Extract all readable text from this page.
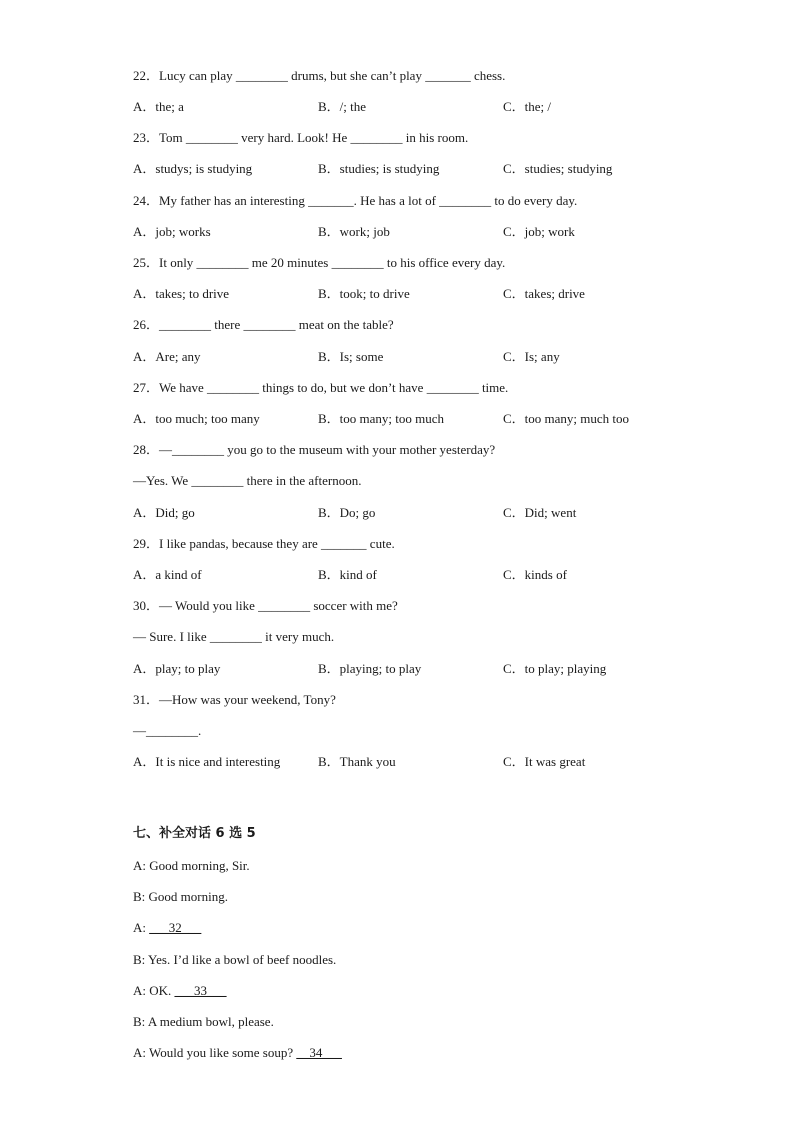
22．Lucy can play ________ drums, but she can’t play _______ chess.
A．the; a	B．/; the	C．the; /
23．Tom ________ very hard. Look! He ________ in his room.
A．studys; is studying	B．studies; is studying	C．studies; studying
24．My father has an interesting _______. He has a lot of ________ to do every day.
A．job; works	B．work; job	C．job; work
25．It only ________ me 20 minutes ________ to his office every day.
A．takes; to drive	B．took; to drive	C．takes; drive
26．________ there ________ meat on the table?
A．Are; any	B．Is; some	C．Is; any
27．We have ________ things to do, but we don’t have ________ time.
A．too much; too many	B．too many; too much	C．too many; much too
28．—________ you go to the museum with your mother yesterday?
—Yes. We ________ there in the afternoon.
A．Did; go	B．Do; go	C．Did; went
29．I like pandas, because they are _______ cute.
A．a kind of	B．kind of	C．kinds of
30．— Would you like ________ soccer with me?
— Sure. I like ________ it very much.
A．play; to play	B．playing; to play	C．to play; playing
31．—How was your weekend, Tony?
—________.
A．It is nice and interesting	B．Thank you	C．It was great
七、补全对话 6 选 5
A: Good morning, Sir.
B: Good morning.
A: ___32___
B: Yes. I’d like a bowl of beef noodles.
A: OK. ___33___
B: A medium bowl, please.
A: Would you like some soup? __34___
